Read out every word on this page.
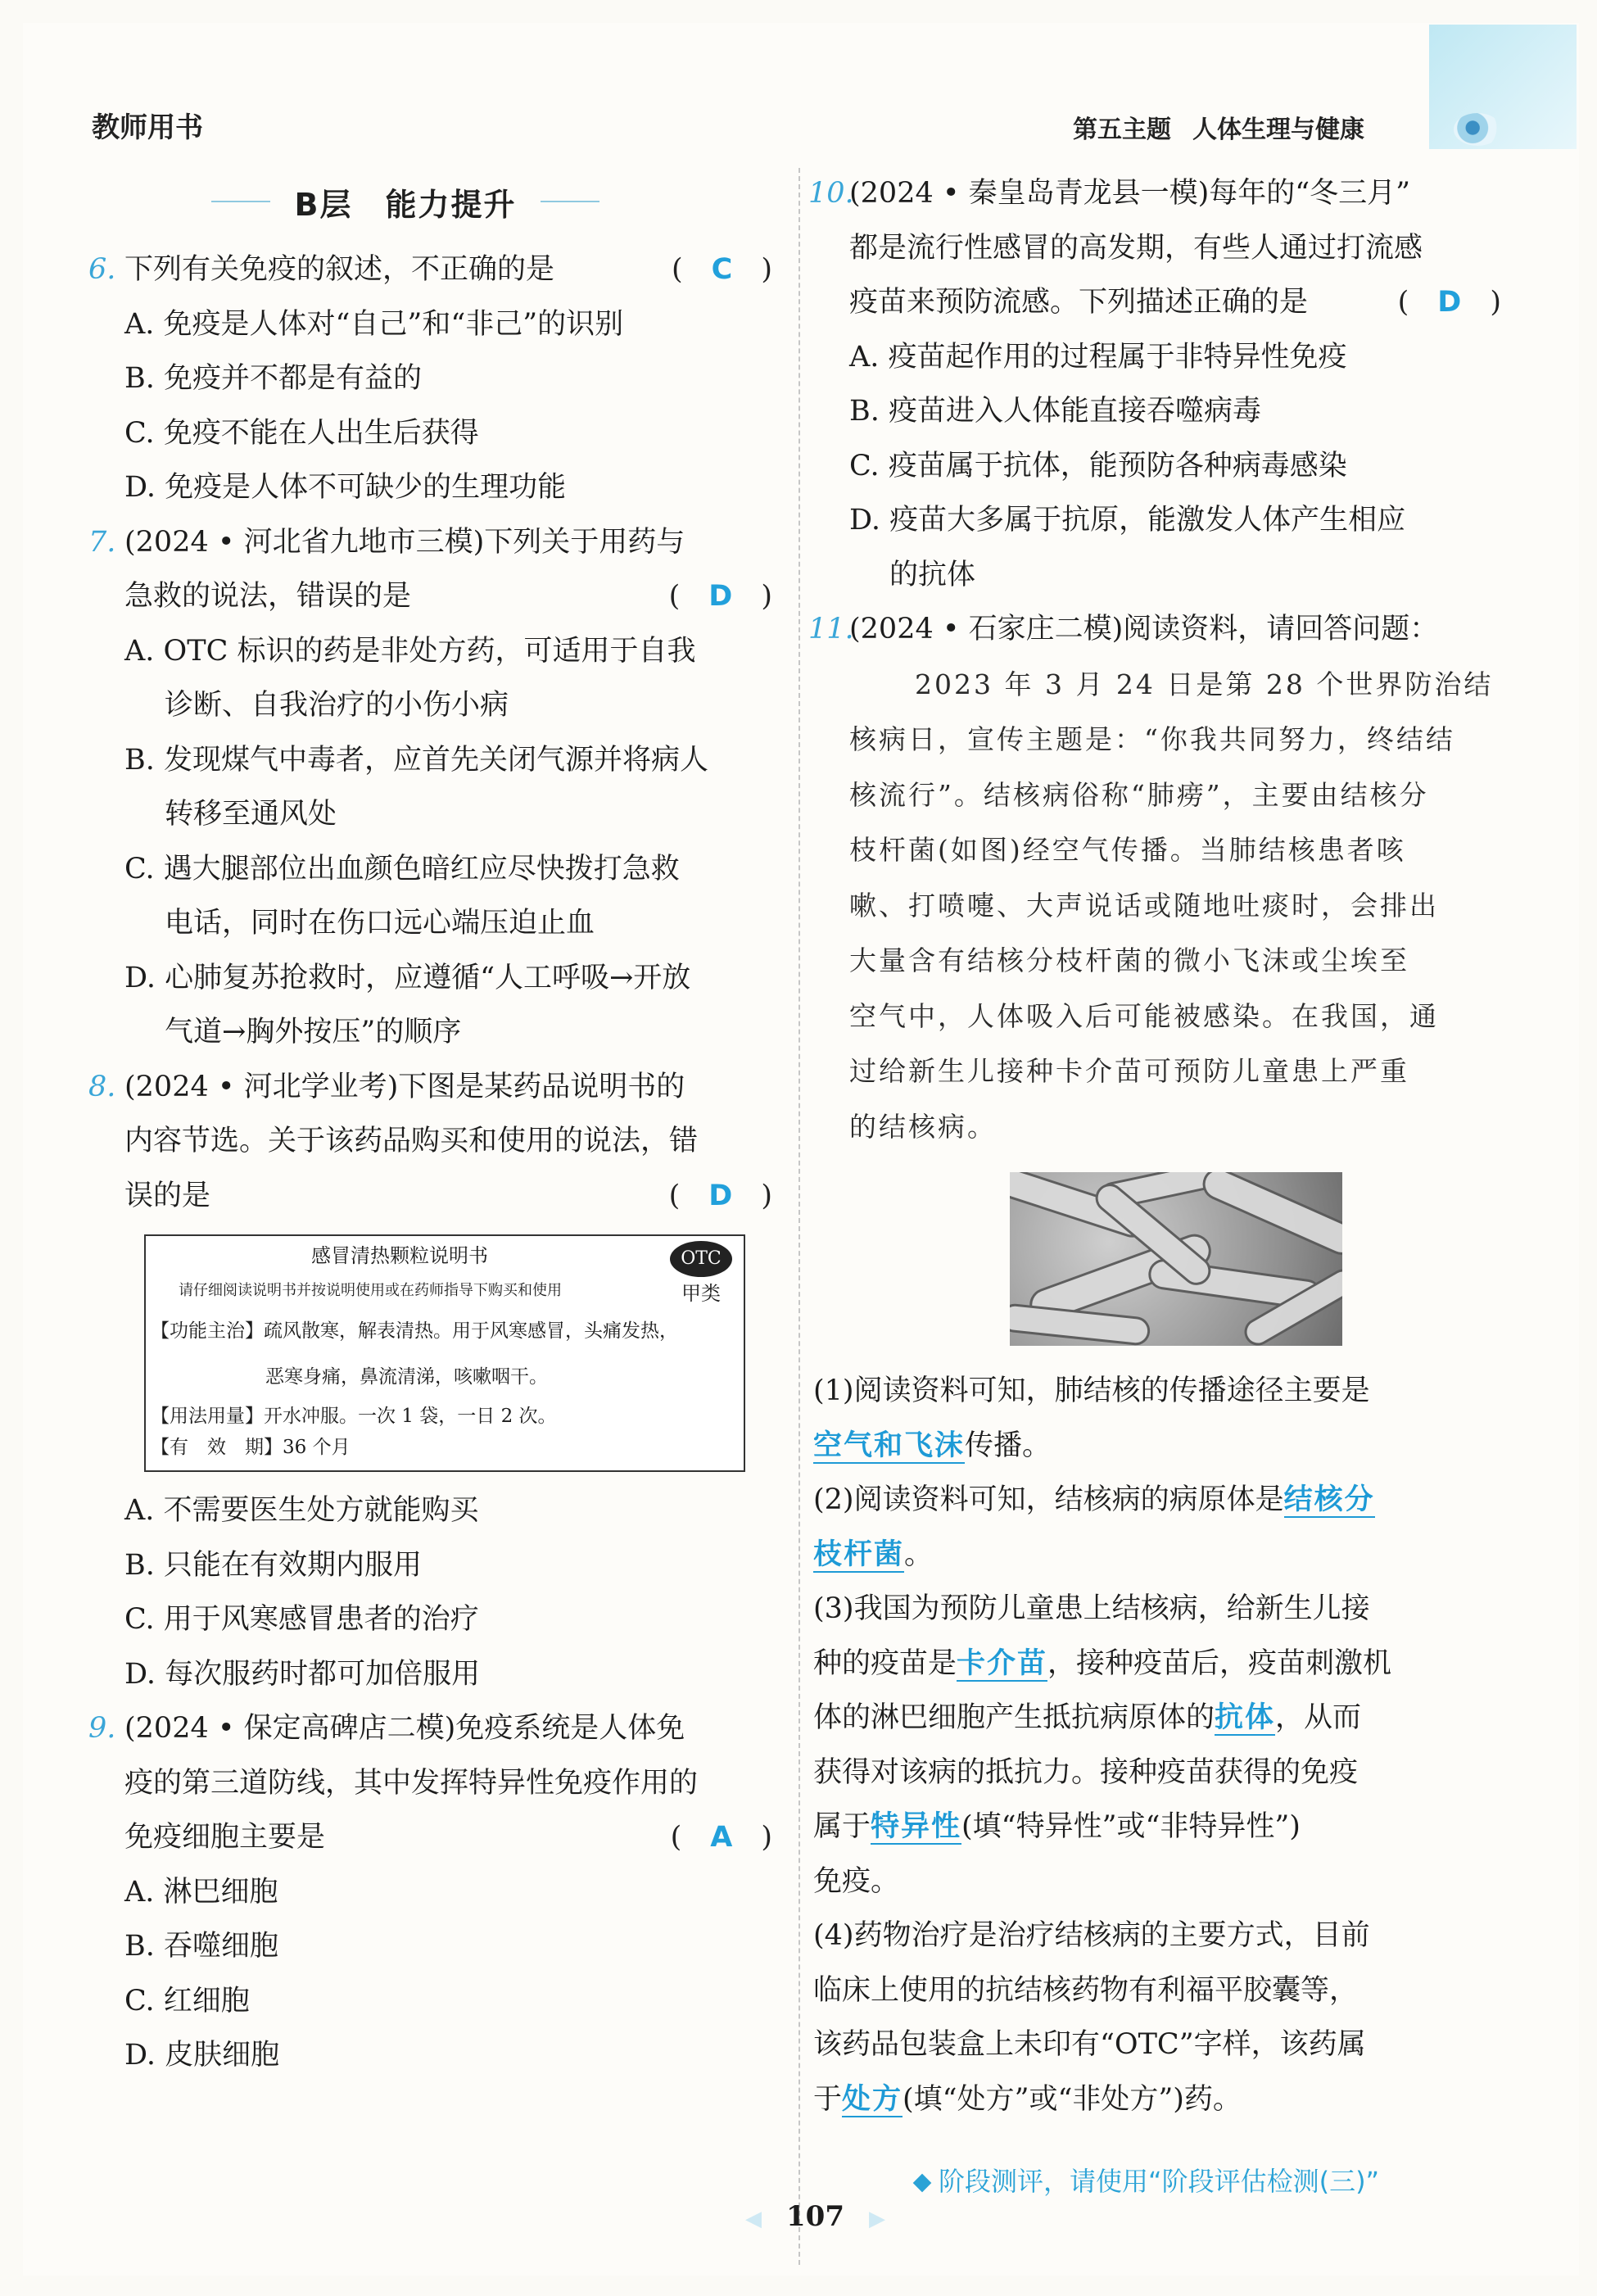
教师用书	第五主题 人体生理与健康
B层　能力提升
6.	(　C　)
下列有关免疫的叙述，不正确的是
A. 免疫是人体对“自己”和“非己”的识别
B. 免疫并不都是有益的
C. 免疫不能在人出生后获得
D. 免疫是人体不可缺少的生理功能
7. (2024 • 河北省九地市三模)下列关于用药与
(　D　)
急救的说法，错误的是
A. OTC 标识的药是非处方药，可适用于自我
诊断、自我治疗的小伤小病
B. 发现煤气中毒者，应首先关闭气源并将病人
转移至通风处
C. 遇大腿部位出血颜色暗红应尽快拨打急救
电话，同时在伤口远心端压迫止血
D. 心肺复苏抢救时，应遵循“人工呼吸→开放
气道→胸外按压”的顺序
8. (2024 • 河北学业考)下图是某药品说明书的
内容节选。关于该药品购买和使用的说法，错
(　D　)
误的是
感冒清热颗粒说明书
请仔细阅读说明书并按说明使用或在药师指导下购买和使用
OTC
甲类
【功能主治】疏风散寒，解表清热。用于风寒感冒，头痛发热，
恶寒身痛，鼻流清涕，咳嗽咽干。
【用法用量】开水冲服。一次 1 袋，一日 2 次。
【有　效　期】36 个月
A. 不需要医生处方就能购买
B. 只能在有效期内服用
C. 用于风寒感冒患者的治疗
D. 每次服药时都可加倍服用
9. (2024 • 保定高碑店二模)免疫系统是人体免
疫的第三道防线，其中发挥特异性免疫作用的
(　A　)
免疫细胞主要是
A. 淋巴细胞
B. 吞噬细胞
C. 红细胞
D. 皮肤细胞
10.
(2024 • 秦皇岛青龙县一模)每年的“冬三月”
都是流行性感冒的高发期，有些人通过打流感
(　D　)
疫苗来预防流感。下列描述正确的是
A. 疫苗起作用的过程属于非特异性免疫
B. 疫苗进入人体能直接吞噬病毒
C. 疫苗属于抗体，能预防各种病毒感染
D. 疫苗大多属于抗原，能激发人体产生相应
的抗体
11.
(2024 • 石家庄二模)阅读资料，请回答问题：
2023 年 3 月 24 日是第 28 个世界防治结
核病日，宣传主题是：“你我共同努力，终结结
核流行”。结核病俗称“肺痨”，主要由结核分
枝杆菌(如图)经空气传播。当肺结核患者咳
嗽、打喷嚏、大声说话或随地吐痰时，会排出
大量含有结核分枝杆菌的微小飞沫或尘埃至
空气中，人体吸入后可能被感染。在我国，通
过给新生儿接种卡介苗可预防儿童患上严重
的结核病。
(1)阅读资料可知，肺结核的传播途径主要是
空气和飞沫传播。
(2)阅读资料可知，结核病的病原体是结核分
枝杆菌。
(3)我国为预防儿童患上结核病，给新生儿接
种的疫苗是卡介苗，接种疫苗后，疫苗刺激机
体的淋巴细胞产生抵抗病原体的抗体，从而
获得对该病的抵抗力。接种疫苗获得的免疫
属于特异性(填“特异性”或“非特异性”)
免疫。
(4)药物治疗是治疗结核病的主要方式，目前
临床上使用的抗结核药物有利福平胶囊等，
该药品包装盒上未印有“OTC”字样，该药属
于处方(填“处方”或“非处方”)药。
阶段测评，请使用“阶段评估检测(三)”
◀ 107 ▶
